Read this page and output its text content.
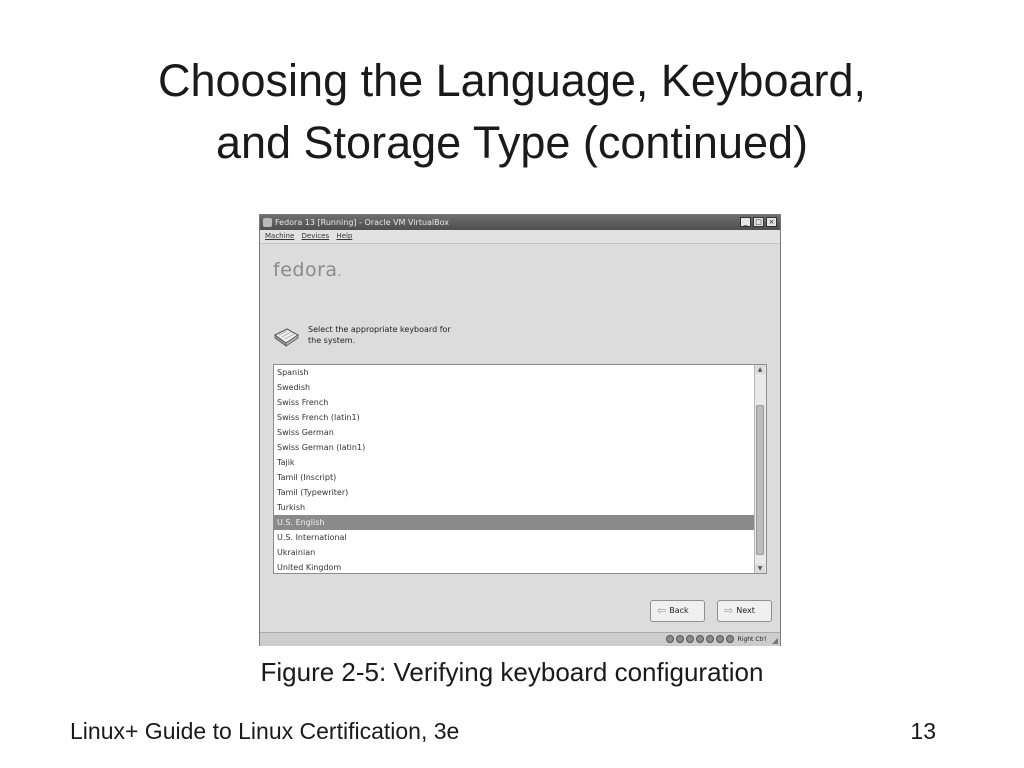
Choosing the Language, Keyboard,
and Storage Type (continued)
Fedora 13 [Running] - Oracle VM VirtualBox	_	□ ×
Machine Devices Help
fedora.
Select the appropriate keyboard for
the system.
Spanish
Swedish
Swiss French
Swiss French (latin1)
Swiss German
Swiss German (latin1)
Tajik
Tamil (Inscript)
Tamil (Typewriter)
Turkish
U.S. English
U.S. International
Ukrainian
United Kingdom
▲
▼
⇦ Back	⇨ Next
Right Ctrl ◢
Figure 2-5: Verifying keyboard configuration
Linux+ Guide to Linux Certification, 3e	13
